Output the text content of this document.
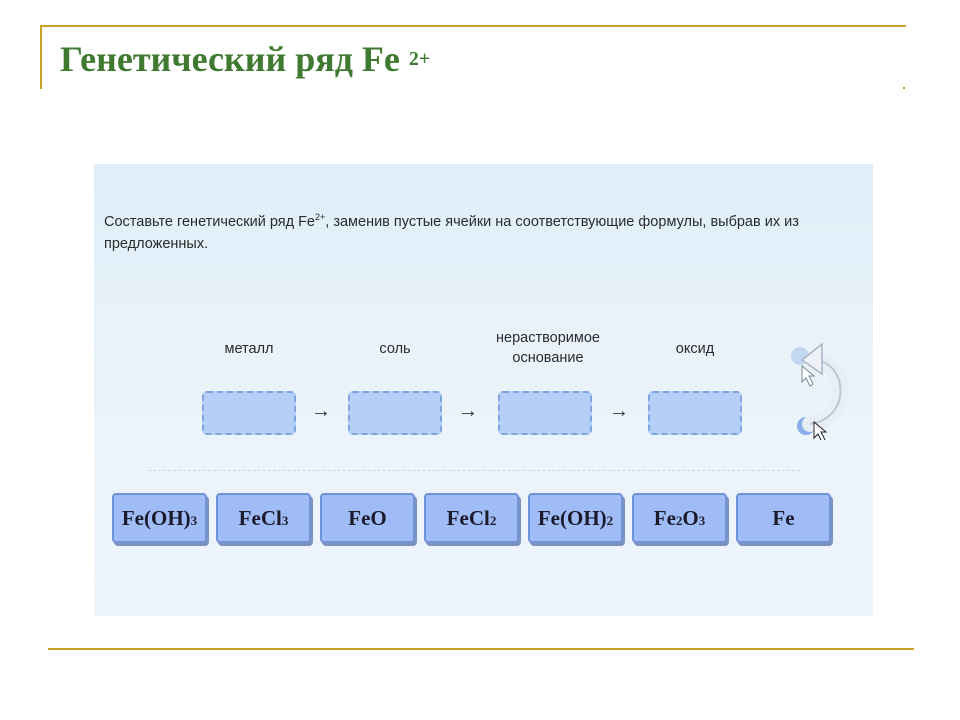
Генетический ряд Fe $^{2+}$
Составьте генетический ряд $Fe^{2+}$, заменив пустые ячейки на соответствующие формулы, выбрав их из предложенных.
металл	соль
нерастворимое основание
оксид
→	→	→
$Fe(OH)_3$ FeCl$_3$	FeO	FeCl$_2$ $Fe(OH)_2$ $Fe_2$ $O_3$	Fe
